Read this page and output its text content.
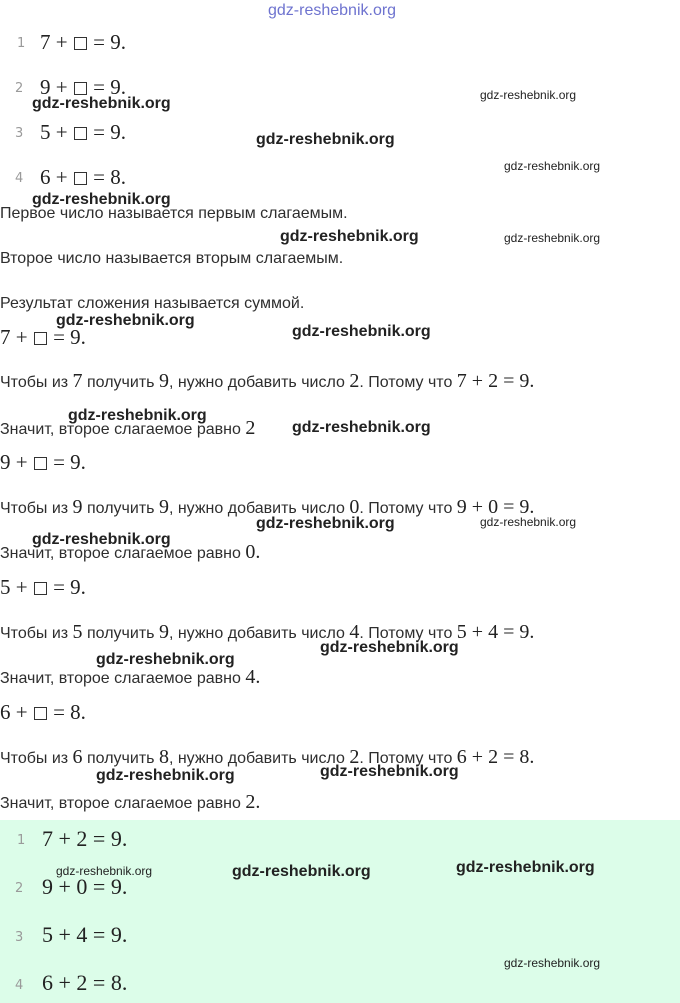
gdz-reshebnik.org
1 7 + = 9.
2 9 + = 9.
3 5 + = 9.
4 6 + = 8.
Первое число называется первым слагаемым.
Второе число называется вторым слагаемым.
Результат сложения называется суммой.
7 +  = 9.
Чтобы из 7 получить 9, нужно добавить число 2. Потому что 7 + 2 = 9.
Значит, второе слагаемое равно 2
9 +  = 9.
Чтобы из 9 получить 9, нужно добавить число 0. Потому что 9 + 0 = 9.
Значит, второе слагаемое равно 0.
5 +  = 9.
Чтобы из 5 получить 9, нужно добавить число 4. Потому что 5 + 4 = 9.
Значит, второе слагаемое равно 4.
6 +  = 8.
Чтобы из 6 получить 8, нужно добавить число 2. Потому что 6 + 2 = 8.
Значит, второе слагаемое равно 2.
1 7 + 2 = 9.
2 9 + 0 = 9.
3 5 + 4 = 9.
4 6 + 2 = 8.
gdz-reshebnik.org	gdz-reshebnik.org
gdz-reshebnik.org
gdz-reshebnik.org
gdz-reshebnik.org
gdz-reshebnik.org	gdz-reshebnik.org
gdz-reshebnik.org
gdz-reshebnik.org
gdz-reshebnik.org
gdz-reshebnik.org
gdz-reshebnik.org	gdz-reshebnik.org
gdz-reshebnik.org
gdz-reshebnik.org
gdz-reshebnik.org
gdz-reshebnik.org
gdz-reshebnik.org
gdz-reshebnik.org	gdz-reshebnik.org	gdz-reshebnik.org
gdz-reshebnik.org
